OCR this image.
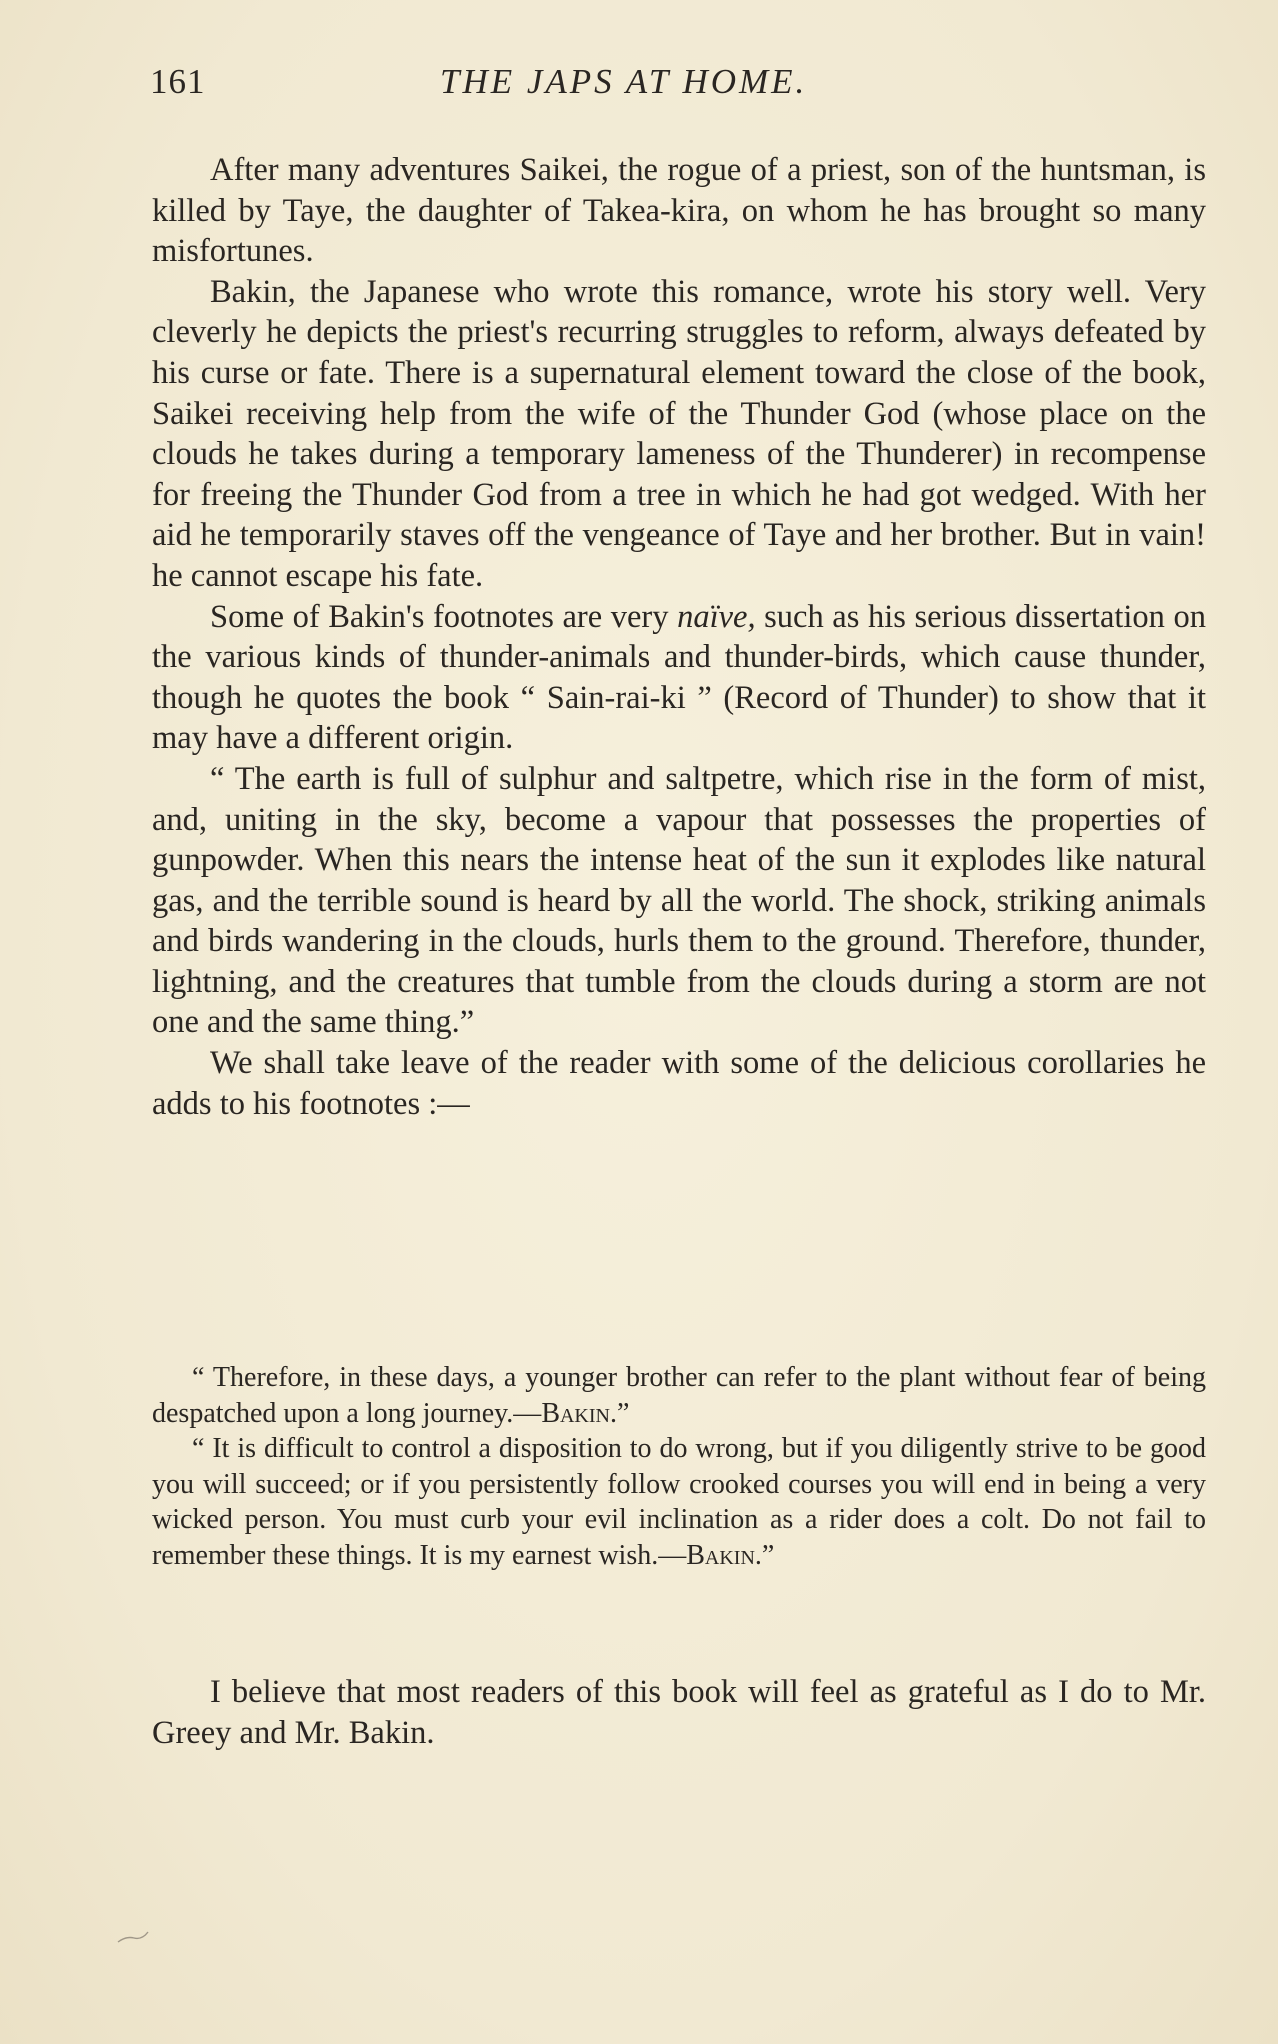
161	THE JAPS AT HOME.

After many adventures Saikei, the rogue of a priest, son of the huntsman, is killed by Taye, the daughter of Takea-kira, on whom he has brought so many misfortunes.

Bakin, the Japanese who wrote this romance, wrote his story well. Very cleverly he depicts the priest's recurring struggles to reform, always defeated by his curse or fate. There is a supernatural element toward the close of the book, Saikei receiving help from the wife of the Thunder God (whose place on the clouds he takes during a temporary lameness of the Thunderer) in recompense for freeing the Thunder God from a tree in which he had got wedged. With her aid he temporarily staves off the vengeance of Taye and her brother. But in vain! he cannot escape his fate.

Some of Bakin's footnotes are very naïve, such as his serious dissertation on the various kinds of thunder-animals and thunder-birds, which cause thunder, though he quotes the book “ Sain-rai-ki ” (Record of Thunder) to show that it may have a different origin.

“ The earth is full of sulphur and saltpetre, which rise in the form of mist, and, uniting in the sky, become a vapour that possesses the properties of gunpowder. When this nears the intense heat of the sun it explodes like natural gas, and the terrible sound is heard by all the world. The shock, striking animals and birds wandering in the clouds, hurls them to the ground. Therefore, thunder, lightning, and the creatures that tumble from the clouds during a storm are not one and the same thing.”

We shall take leave of the reader with some of the delicious corollaries he adds to his footnotes :—

“ Therefore, in these days, a younger brother can refer to the plant without fear of being despatched upon a long journey.—Bakin.”

“ It is difficult to control a disposition to do wrong, but if you diligently strive to be good you will succeed; or if you persistently follow crooked courses you will end in being a very wicked person. You must curb your evil inclination as a rider does a colt. Do not fail to remember these things. It is my earnest wish.—Bakin.”

I believe that most readers of this book will feel as grateful as I do to Mr. Greey and Mr. Bakin.
